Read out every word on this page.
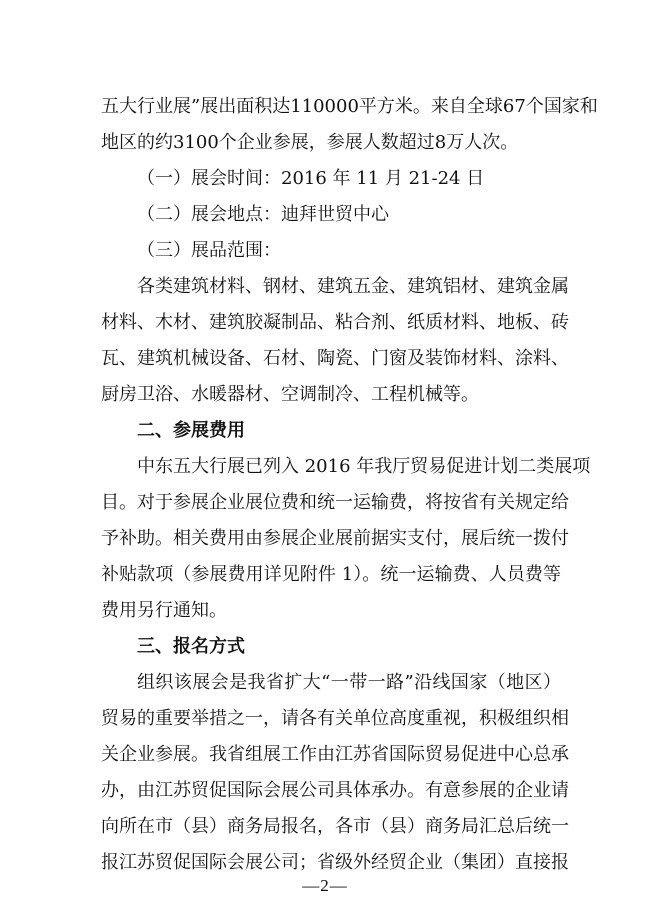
五大行业展”展出面积达110000平方米。来自全球67个国家和
地区的约3100个企业参展，参展人数超过8万人次。
（一）展会时间：2016 年 11 月 21-24 日
（二）展会地点：迪拜世贸中心
（三）展品范围：
各类建筑材料、钢材、建筑五金、建筑铝材、建筑金属
材料、木材、建筑胶凝制品、粘合剂、纸质材料、地板、砖
瓦、建筑机械设备、石材、陶瓷、门窗及装饰材料、涂料、
厨房卫浴、水暖器材、空调制冷、工程机械等。
二、参展费用
中东五大行展已列入 2016 年我厅贸易促进计划二类展项
目。对于参展企业展位费和统一运输费，将按省有关规定给
予补助。相关费用由参展企业展前据实支付，展后统一拨付
补贴款项（参展费用详见附件 1）。统一运输费、人员费等
费用另行通知。
三、报名方式
组织该展会是我省扩大“一带一路”沿线国家（地区）
贸易的重要举措之一，请各有关单位高度重视，积极组织相
关企业参展。我省组展工作由江苏省国际贸易促进中心总承
办，由江苏贸促国际会展公司具体承办。有意参展的企业请
向所在市（县）商务局报名，各市（县）商务局汇总后统一
报江苏贸促国际会展公司；省级外经贸企业（集团）直接报
—2—
